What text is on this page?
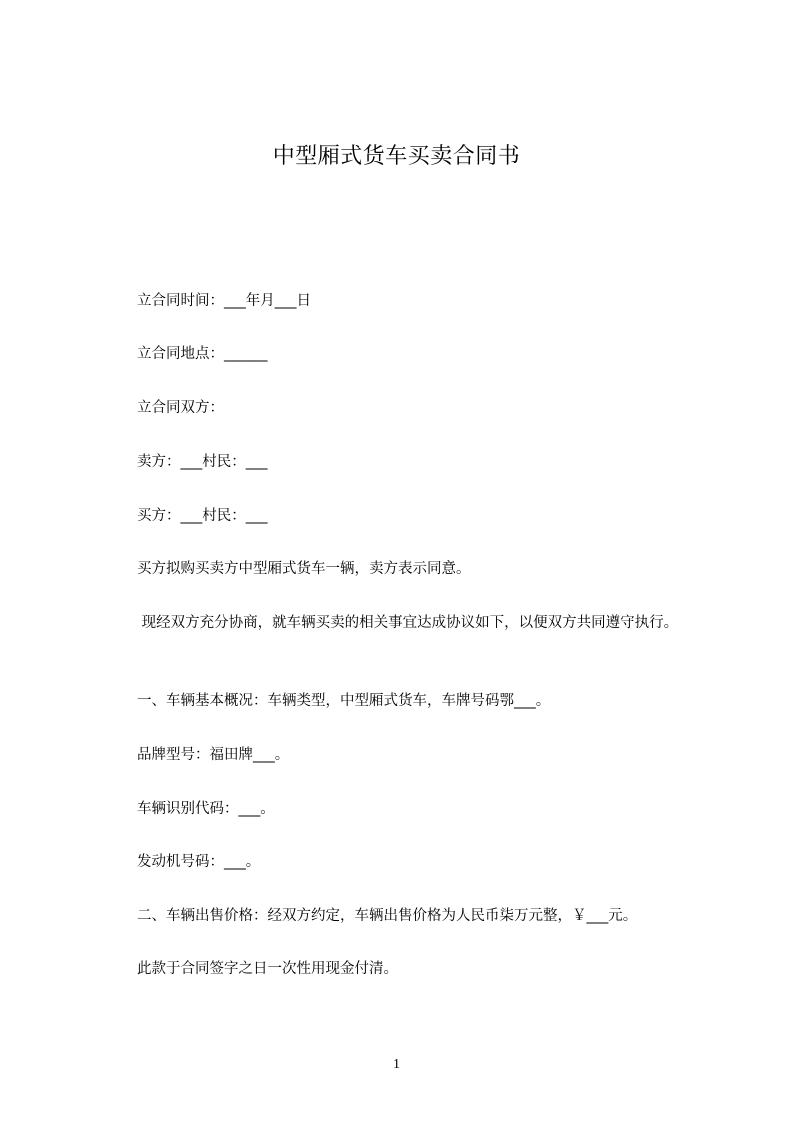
中型厢式货车买卖合同书
立合同时间：___年月___日
立合同地点：______
立合同双方：
卖方：___村民：___
买方：___村民：___
买方拟购买卖方中型厢式货车一辆，卖方表示同意。
现经双方充分协商，就车辆买卖的相关事宜达成协议如下，以便双方共同遵守执行。
一、车辆基本概况：车辆类型，中型厢式货车，车牌号码鄂___。
品牌型号：福田牌___。
车辆识别代码：___。
发动机号码：___。
二、车辆出售价格：经双方约定，车辆出售价格为人民币柒万元整，￥___元。
此款于合同签字之日一次性用现金付清。
1
